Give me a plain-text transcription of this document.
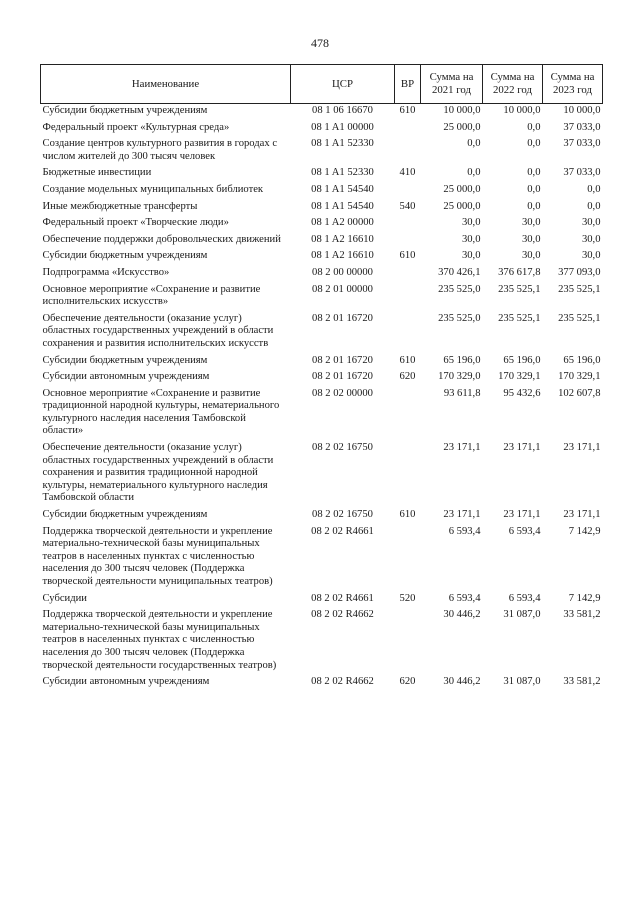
478
Наименование	ЦСР	ВР	Сумма на 2021 год	Сумма на 2022 год	Сумма на 2023 год
Субсидии бюджетным учреждениям	08 1 06 16670	610	10 000,0	10 000,0	10 000,0
Федеральный проект «Культурная среда»	08 1 A1 00000		25 000,0	0,0	37 033,0
Создание центров культурного развития в городах с числом жителей до 300 тысяч человек	08 1 A1 52330		0,0	0,0	37 033,0
Бюджетные инвестиции	08 1 A1 52330	410	0,0	0,0	37 033,0
Создание модельных муниципальных библиотек	08 1 A1 54540		25 000,0	0,0	0,0
Иные межбюджетные трансферты	08 1 A1 54540	540	25 000,0	0,0	0,0
Федеральный проект «Творческие люди»	08 1 A2 00000		30,0	30,0	30,0
Обеспечение поддержки добровольческих движений	08 1 A2 16610		30,0	30,0	30,0
Субсидии бюджетным учреждениям	08 1 A2 16610	610	30,0	30,0	30,0
Подпрограмма «Искусство»	08 2 00 00000		370 426,1	376 617,8	377 093,0
Основное мероприятие «Сохранение и развитие исполнительских искусств»	08 2 01 00000		235 525,0	235 525,1	235 525,1
Обеспечение деятельности (оказание услуг) областных государственных учреждений в области сохранения и развития исполнительских искусств	08 2 01 16720		235 525,0	235 525,1	235 525,1
Субсидии бюджетным учреждениям	08 2 01 16720	610	65 196,0	65 196,0	65 196,0
Субсидии автономным учреждениям	08 2 01 16720	620	170 329,0	170 329,1	170 329,1
Основное мероприятие «Сохранение и развитие традиционной народной культуры, нематериального культурного наследия населения Тамбовской области»	08 2 02 00000		93 611,8	95 432,6	102 607,8
Обеспечение деятельности (оказание услуг) областных государственных учреждений в области сохранения и развития традиционной народной культуры, нематериального культурного наследия Тамбовской области	08 2 02 16750		23 171,1	23 171,1	23 171,1
Субсидии бюджетным учреждениям	08 2 02 16750	610	23 171,1	23 171,1	23 171,1
Поддержка творческой деятельности и укрепление материально-технической базы муниципальных театров в населенных пунктах с численностью населения до 300 тысяч человек (Поддержка творческой деятельности муниципальных театров)	08 2 02 R4661		6 593,4	6 593,4	7 142,9
Субсидии	08 2 02 R4661	520	6 593,4	6 593,4	7 142,9
Поддержка творческой деятельности и укрепление материально-технической базы муниципальных театров в населенных пунктах с численностью населения до 300 тысяч человек (Поддержка творческой деятельности государственных театров)	08 2 02 R4662		30 446,2	31 087,0	33 581,2
Субсидии автономным учреждениям	08 2 02 R4662	620	30 446,2	31 087,0	33 581,2
